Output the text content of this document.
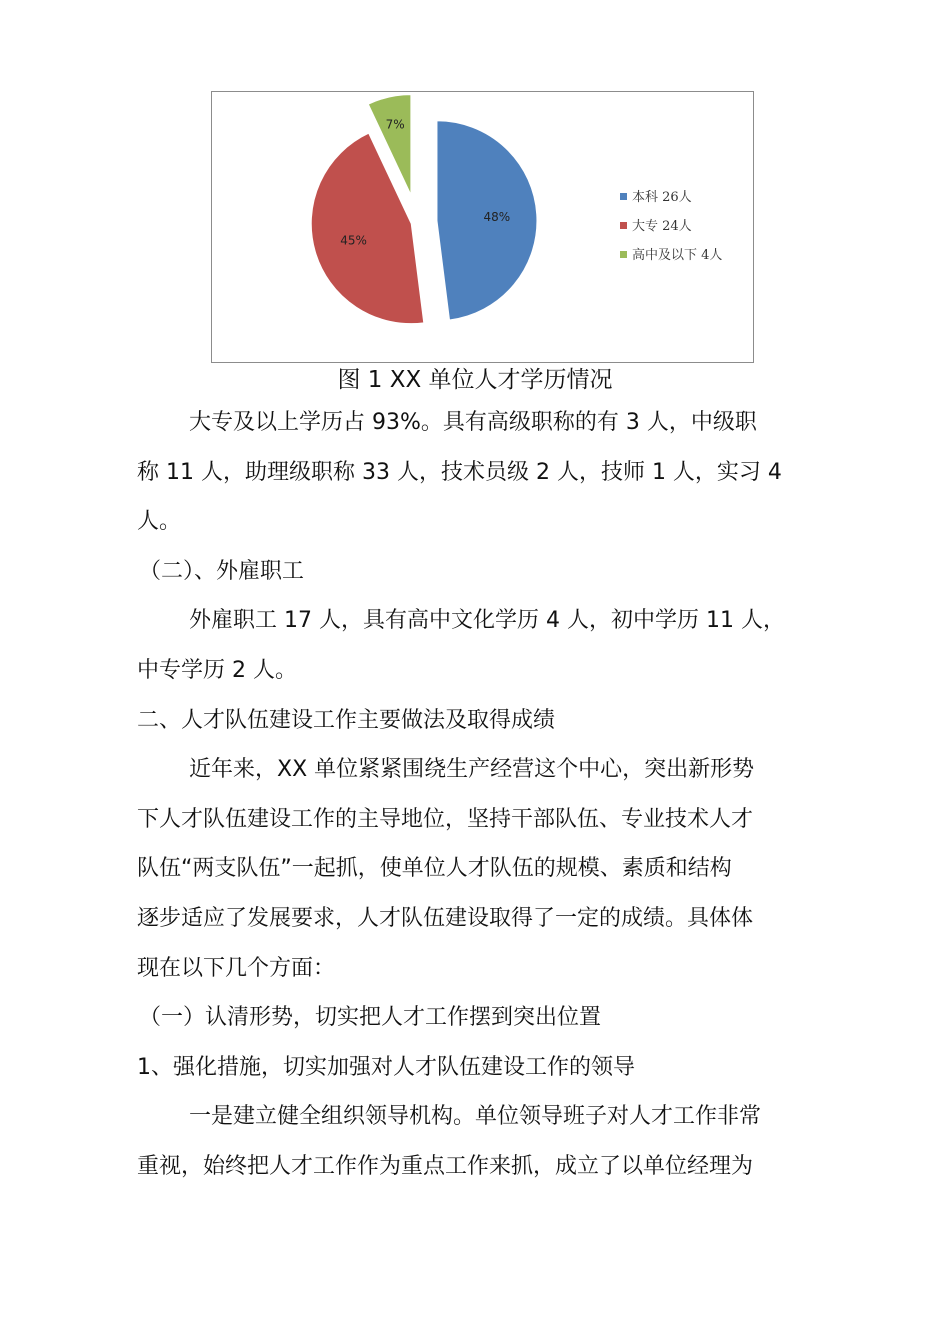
48%
45%
7%
本科 26人
大专 24人
高中及以下 4人
图 1 XX 单位人才学历情况

大专及以上学历占 93%。具有高级职称的有 3 人，中级职

称 11 人，助理级职称 33 人，技术员级 2 人，技师 1 人，实习 4

人。

（二）、外雇职工

外雇职工 17 人，具有高中文化学历 4 人，初中学历 11 人，

中专学历 2 人。

二、人才队伍建设工作主要做法及取得成绩

近年来，XX 单位紧紧围绕生产经营这个中心，突出新形势

下人才队伍建设工作的主导地位，坚持干部队伍、专业技术人才

队伍“两支队伍”一起抓，使单位人才队伍的规模、素质和结构

逐步适应了发展要求，人才队伍建设取得了一定的成绩。具体体

现在以下几个方面：

（一）认清形势，切实把人才工作摆到突出位置

1、强化措施，切实加强对人才队伍建设工作的领导

一是建立健全组织领导机构。单位领导班子对人才工作非常

重视，始终把人才工作作为重点工作来抓，成立了以单位经理为
